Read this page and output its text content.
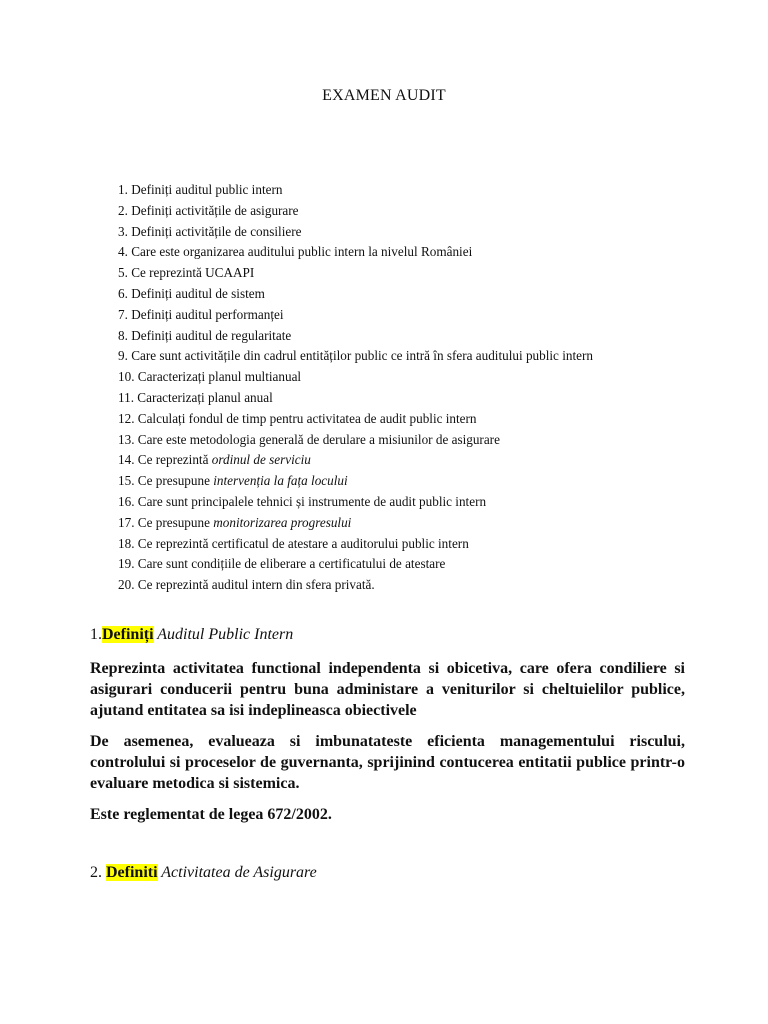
EXAMEN AUDIT
1. Definiți auditul public intern
2. Definiți activitățile de asigurare
3. Definiți activitățile de consiliere
4. Care este organizarea auditului public intern la nivelul României
5. Ce reprezintă UCAAPI
6. Definiți auditul de sistem
7. Definiți auditul performanței
8. Definiți auditul de regularitate
9. Care sunt activitățile din cadrul entităților public ce intră în sfera auditului public intern
10. Caracterizați planul multianual
11. Caracterizați planul anual
12. Calculați fondul de timp pentru activitatea de audit public intern
13. Care este metodologia generală de derulare a misiunilor de asigurare
14. Ce reprezintă ordinul de serviciu
15. Ce presupune intervenția la fața locului
16. Care sunt principalele tehnici și instrumente de audit public intern
17. Ce presupune monitorizarea progresului
18. Ce reprezintă certificatul de atestare a auditorului public intern
19. Care sunt condițiile de eliberare a certificatului de atestare
20. Ce reprezintă auditul intern din sfera privată.
1.Definiți Auditul Public Intern
Reprezinta activitatea functional independenta si obicetiva, care ofera condiliere si asigurari conducerii pentru buna administare a veniturilor si cheltuielilor publice, ajutand entitatea sa isi indeplineasca obiectivele
De asemenea, evalueaza si imbunatateste eficienta managementului riscului, controlului si proceselor de guvernanta, sprijinind contucerea entitatii publice printr-o evaluare metodica si sistemica.
Este reglementat de legea 672/2002.
2. Definiti Activitatea de Asigurare
